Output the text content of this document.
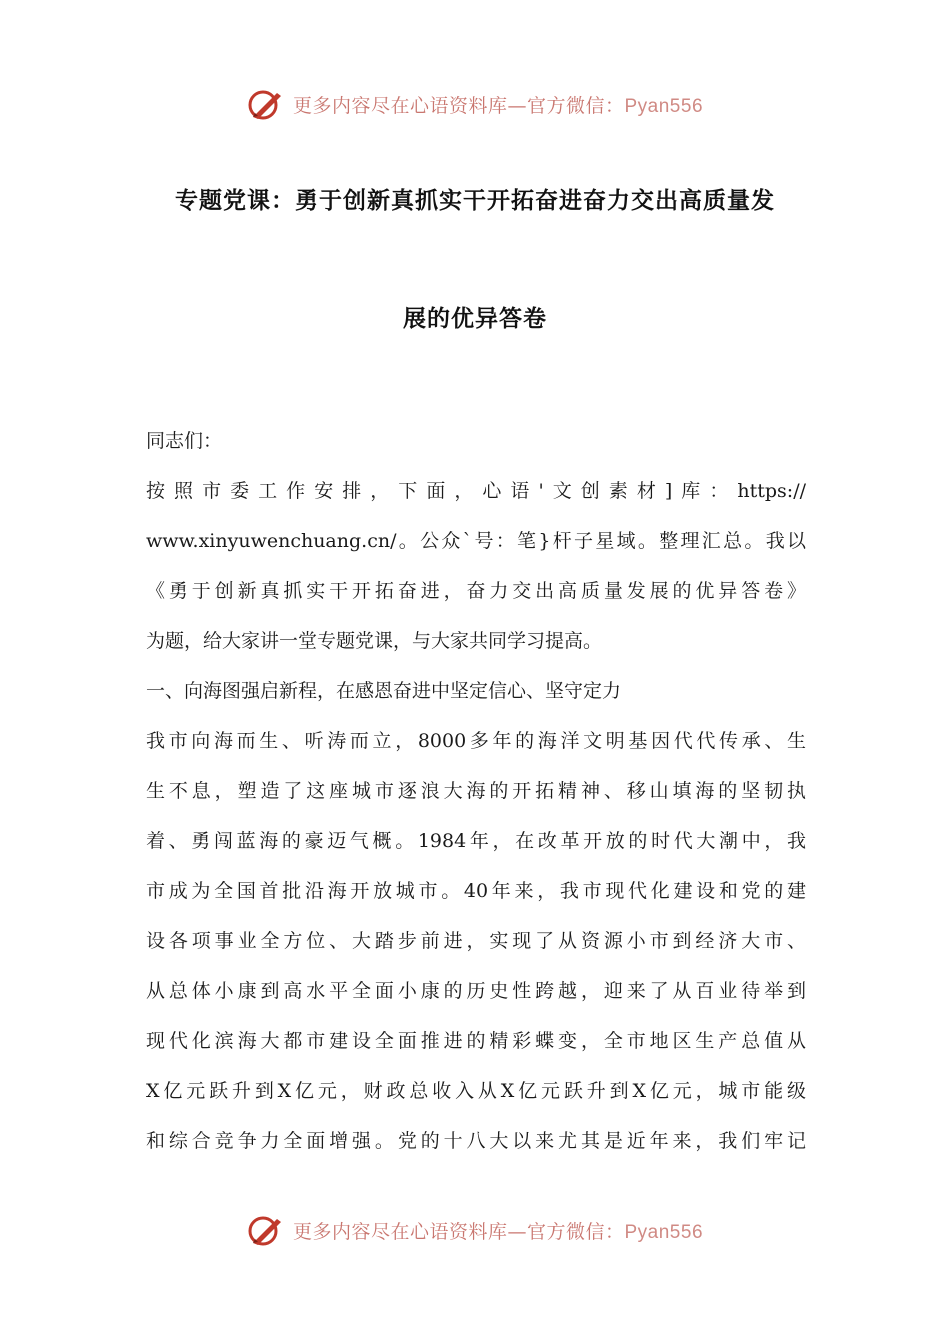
更多内容尽在心语资料库—官方微信：Pyan556
专题党课：勇于创新真抓实干开拓奋进奋力交出高质量发
展的优异答卷
同志们：
按照市委工作安排，下面，心语'文创素材]库：https://
www.xinyuwenchuang.cn/。公众`号：笔}杆子星域。整理汇总。我以
《勇于创新真抓实干开拓奋进，奋力交出高质量发展的优异答卷》
为题，给大家讲一堂专题党课，与大家共同学习提高。
一、向海图强启新程，在感恩奋进中坚定信心、坚守定力
我市向海而生、听涛而立，8000多年的海洋文明基因代代传承、生
生不息，塑造了这座城市逐浪大海的开拓精神、移山填海的坚韧执
着、勇闯蓝海的豪迈气概。1984年，在改革开放的时代大潮中，我
市成为全国首批沿海开放城市。40年来，我市现代化建设和党的建
设各项事业全方位、大踏步前进，实现了从资源小市到经济大市、
从总体小康到高水平全面小康的历史性跨越，迎来了从百业待举到
现代化滨海大都市建设全面推进的精彩蝶变，全市地区生产总值从
X亿元跃升到X亿元，财政总收入从X亿元跃升到X亿元，城市能级
和综合竞争力全面增强。党的十八大以来尤其是近年来，我们牢记
更多内容尽在心语资料库—官方微信：Pyan556
